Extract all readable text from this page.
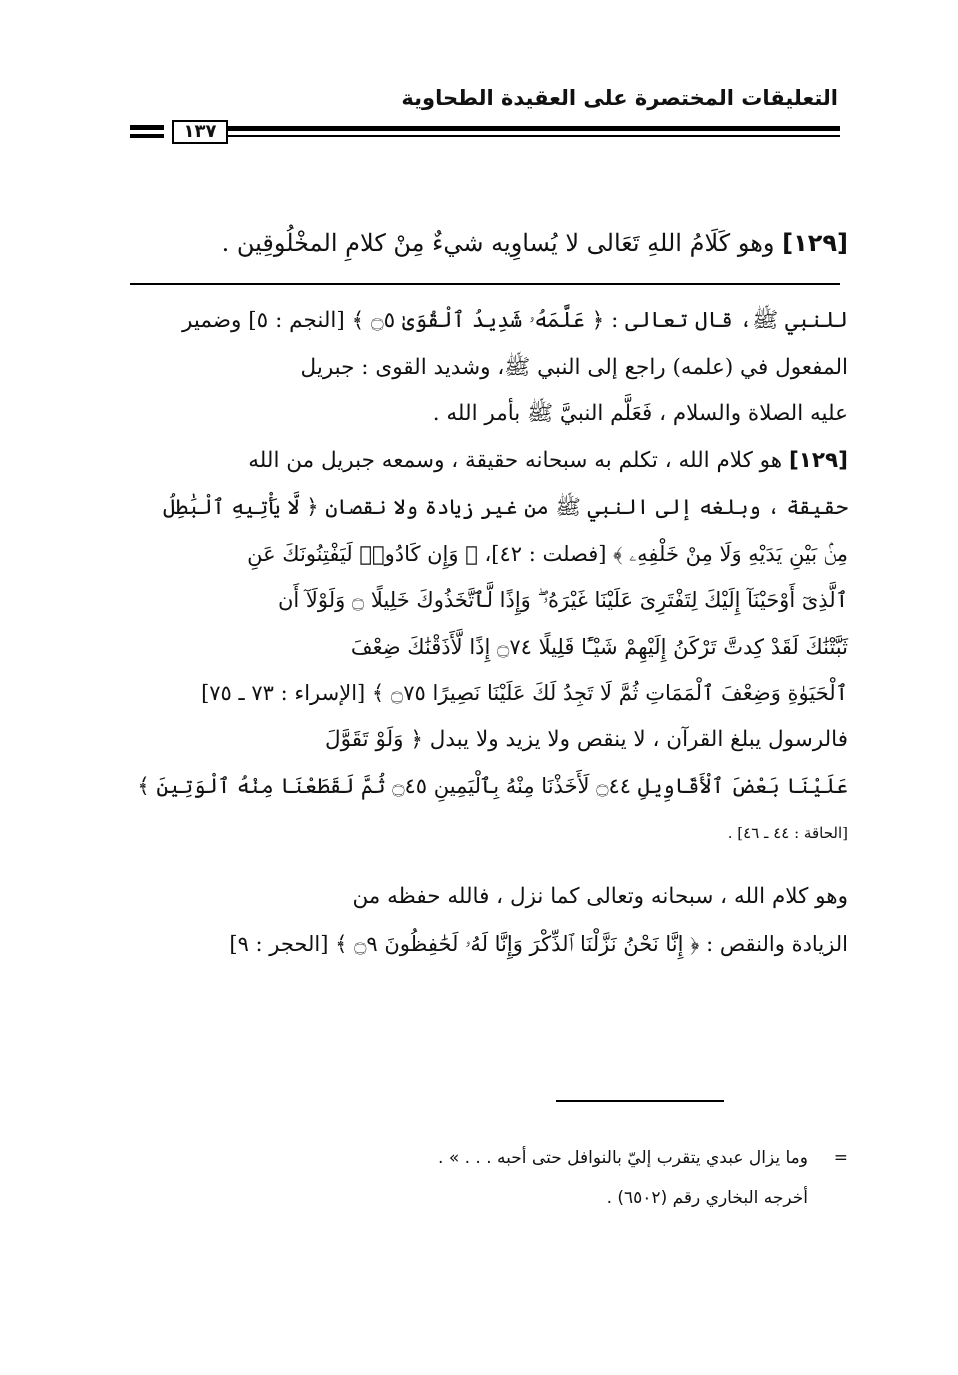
التعليقات المختصرة على العقيدة الطحاوية
١٣٧
[١٢٩] وهو كَلَامُ اللهِ تَعَالى لا يُساوِيه شيءٌ مِنْ كلامِ المخْلُوقِين .
للنبي ﷺ، قال تعالى : ﴿ عَلَّمَهُۥ شَدِيدُ ٱلْقُوَىٰ ۝٥ ﴾ [النجم : ٥] وضمير
المفعول في (علمه) راجع إلى النبي ﷺ، وشديد القوى : جبريل
عليه الصلاة والسلام ، فَعَلَّم النبيَّ ﷺ بأمر الله .
[١٢٩] هو كلام الله ، تكلم به سبحانه حقيقة ، وسمعه جبريل من الله
حقيقة ، وبلغه إلى النبي ﷺ من غير زيادة ولا نقصان ﴿ لَّا يَأْتِيهِ ٱلْبَٰطِلُ
مِنۢ بَيْنِ يَدَيْهِ وَلَا مِنْ خَلْفِهِۦ ﴾ [فصلت : ٤٢]، ﴿ وَإِن كَادُوا۟ لَيَفْتِنُونَكَ عَنِ
ٱلَّذِىٓ أَوْحَيْنَآ إِلَيْكَ لِتَفْتَرِىَ عَلَيْنَا غَيْرَهُۥ ۖ وَإِذًا لَّٱتَّخَذُوكَ خَلِيلًا ۝ وَلَوْلَآ أَن
ثَبَّتْنَٰكَ لَقَدْ كِدتَّ تَرْكَنُ إِلَيْهِمْ شَيْـًٔا قَلِيلًا ۝٧٤ إِذًا لَّأَذَقْنَٰكَ ضِعْفَ
ٱلْحَيَوٰةِ وَضِعْفَ ٱلْمَمَاتِ ثُمَّ لَا تَجِدُ لَكَ عَلَيْنَا نَصِيرًا ۝٧٥ ﴾ [الإسراء : ٧٣ ـ ٧٥]
فالرسول يبلغ القرآن ، لا ينقص ولا يزيد ولا يبدل ﴿ وَلَوْ تَقَوَّلَ
عَلَيْنَا بَعْضَ ٱلْأَقَاوِيلِ ۝٤٤ لَأَخَذْنَا مِنْهُ بِٱلْيَمِينِ ۝٤٥ ثُمَّ لَقَطَعْنَا مِنْهُ ٱلْوَتِينَ ﴾
[الحاقة : ٤٤ ـ ٤٦] .
وهو كلام الله ، سبحانه وتعالى كما نزل ، فالله حفظه من
الزيادة والنقص : ﴿ إِنَّا نَحْنُ نَزَّلْنَا ٱلذِّكْرَ وَإِنَّا لَهُۥ لَحَٰفِظُونَ ۝٩ ﴾ [الحجر : ٩]
=
وما يزال عبدي يتقرب إليّ بالنوافل حتى أحبه . . . » .
أخرجه البخاري رقم (٦٥٠٢) .
